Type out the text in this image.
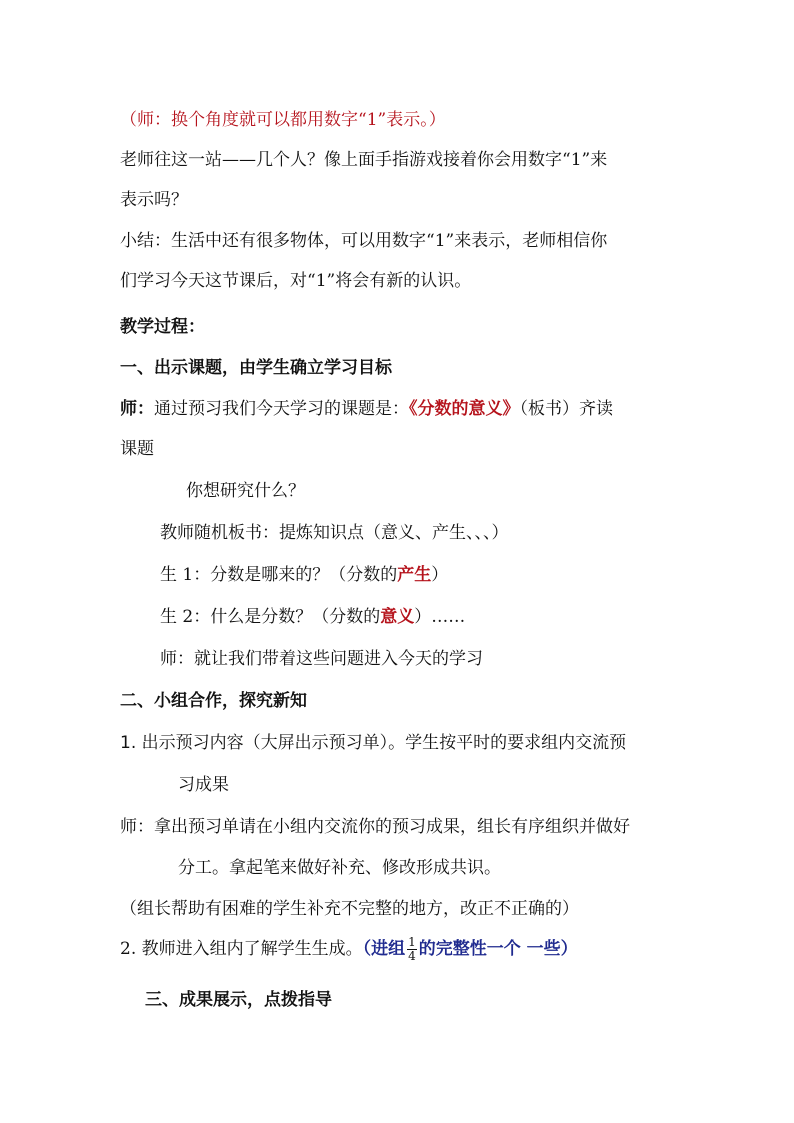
（师：换个角度就可以都用数字“1”表示。）
老师往这一站——几个人？像上面手指游戏接着你会用数字“1”来
表示吗？
小结：生活中还有很多物体，可以用数字“1”来表示，老师相信你
们学习今天这节课后，对“1”将会有新的认识。
教学过程：
一、出示课题，由学生确立学习目标
师：通过预习我们今天学习的课题是：《分数的意义》（板书）齐读
课题
你想研究什么？
教师随机板书：提炼知识点（意义、产生、、、）
生 1：分数是哪来的？（分数的产生）
生 2：什么是分数？（分数的意义）……
师：就让我们带着这些问题进入今天的学习
二、小组合作，探究新知
1. 出示预习内容（大屏出示预习单）。学生按平时的要求组内交流预
习成果
师：拿出预习单请在小组内交流你的预习成果，组长有序组织并做好
分工。拿起笔来做好补充、修改形成共识。
（组长帮助有困难的学生补充不完整的地方，改正不正确的）
2. 教师进入组内了解学生生成。（进组 $\frac{1}{4}$ 的完整性一个 一些）
三、成果展示，点拨指导
